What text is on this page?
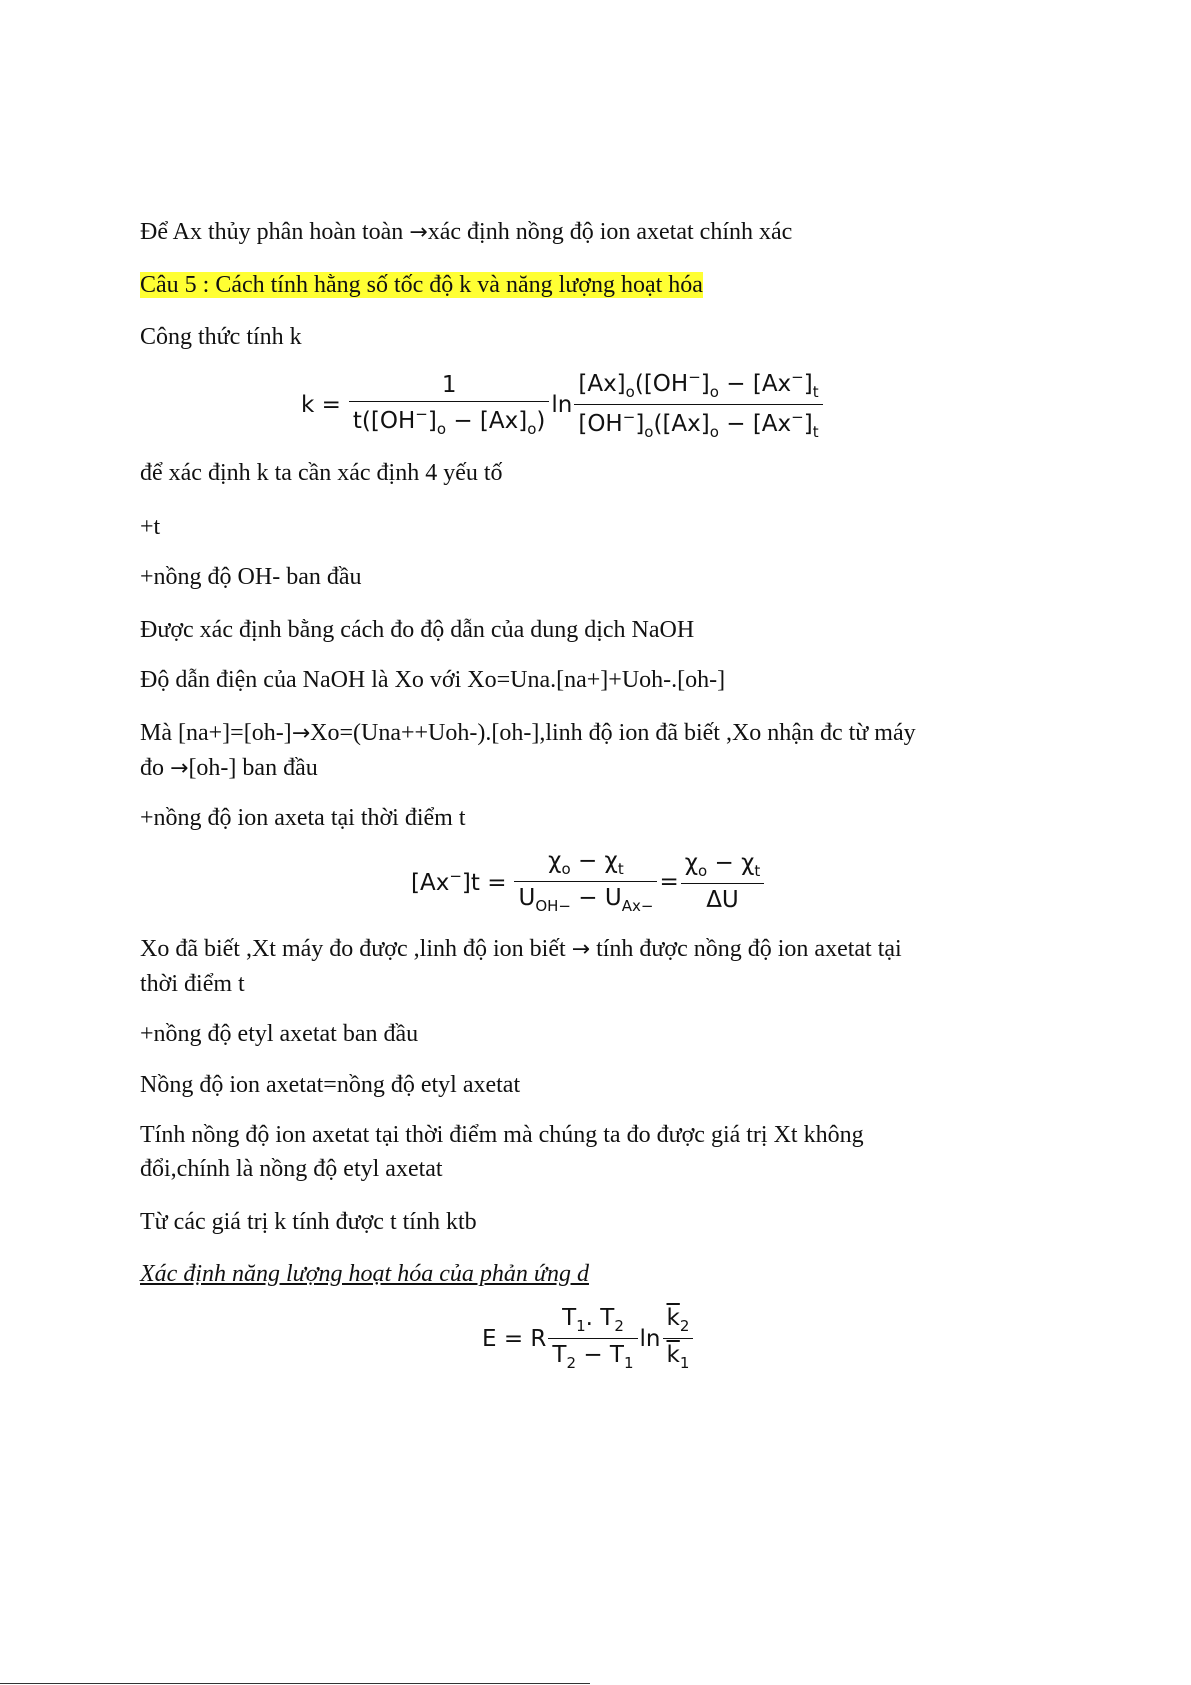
Để Ax thủy phân hoàn toàn →xác định nồng độ ion axetat chính xác

Câu 5 : Cách tính hằng số tốc độ k và năng lượng hoạt hóa

Công thức tính k

$k = \frac{1}{t([OH^-]_o - [Ax]_o)}$ $\ln \frac{[Ax]_o([OH^-]_o - [Ax^-]_t}{[OH^-]_o([Ax]_o - [Ax^-]_t}$

để xác định k ta cần xác định 4 yếu tố

+t

+nồng độ OH- ban đầu

Được xác định bằng cách đo độ dẫn của dung dịch NaOH

Độ dẫn điện của NaOH là Xo với Xo=Una.[na+]+Uoh-.[oh-]

Mà [na+]=[oh-]→Xo=(Una++Uoh-).[oh-],linh độ ion đã biết ,Xo nhận đc từ máy
đo →[oh-] ban đầu

+nồng độ ion axeta tại thời điểm t

$[Ax^-]t = \frac{\chi_o - \chi_t}{U_{OH-} - U_{Ax-}} = \frac{\chi_o - \chi_t}{\Delta U}$

Xo đã biết ,Xt máy đo được ,linh độ ion biết → tính được nồng độ ion axetat tại
thời điểm t

+nồng độ etyl axetat ban đầu

Nồng độ ion axetat=nồng độ etyl axetat

Tính nồng độ ion axetat tại thời điểm mà chúng ta đo được giá trị Xt không
đổi,chính là nồng độ etyl axetat

Từ các giá trị k tính được t tính ktb

Xác định năng lượng hoạt hóa của phản ứng d

E = R $\frac{T_1. T_2}{T_2 - T_1}$ $\ln \frac{\overline{k}_2}{\overline{k}_1}$
